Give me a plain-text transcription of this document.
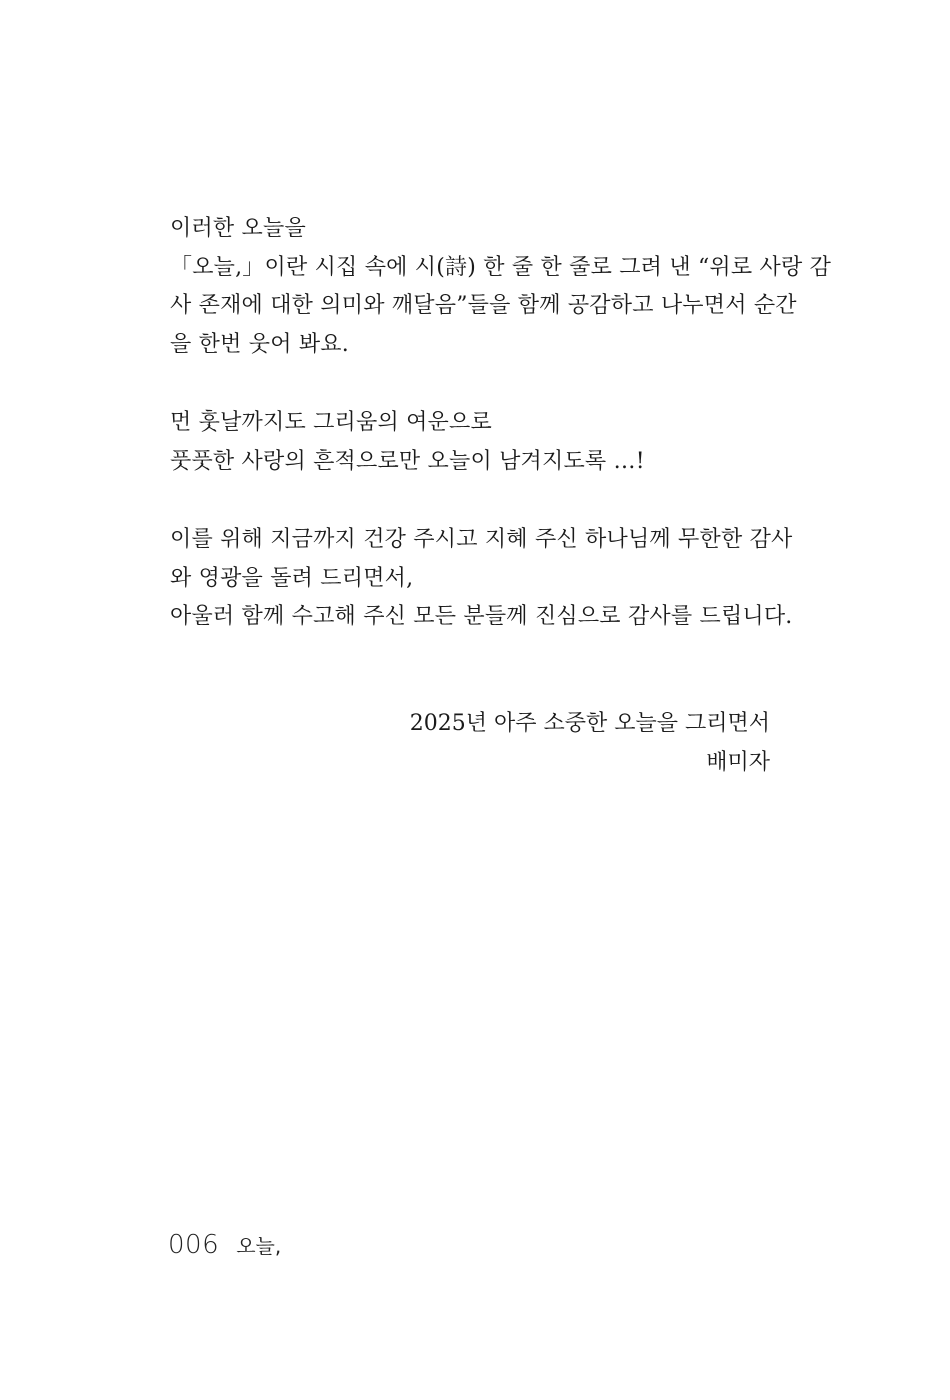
이러한 오늘을
「오늘,」이란 시집 속에 시(詩) 한 줄 한 줄로 그려 낸 “위로 사랑 감
사 존재에 대한 의미와 깨달음”들을 함께 공감하고 나누면서 순간
을 한번 웃어 봐요.
먼 훗날까지도 그리움의 여운으로
풋풋한 사랑의 흔적으로만 오늘이 남겨지도록 …!
이를 위해 지금까지 건강 주시고 지혜 주신 하나님께 무한한 감사
와 영광을 돌려 드리면서,
아울러 함께 수고해 주신 모든 분들께 진심으로 감사를 드립니다.
2025년 아주 소중한 오늘을 그리면서
배미자
006 오늘,
